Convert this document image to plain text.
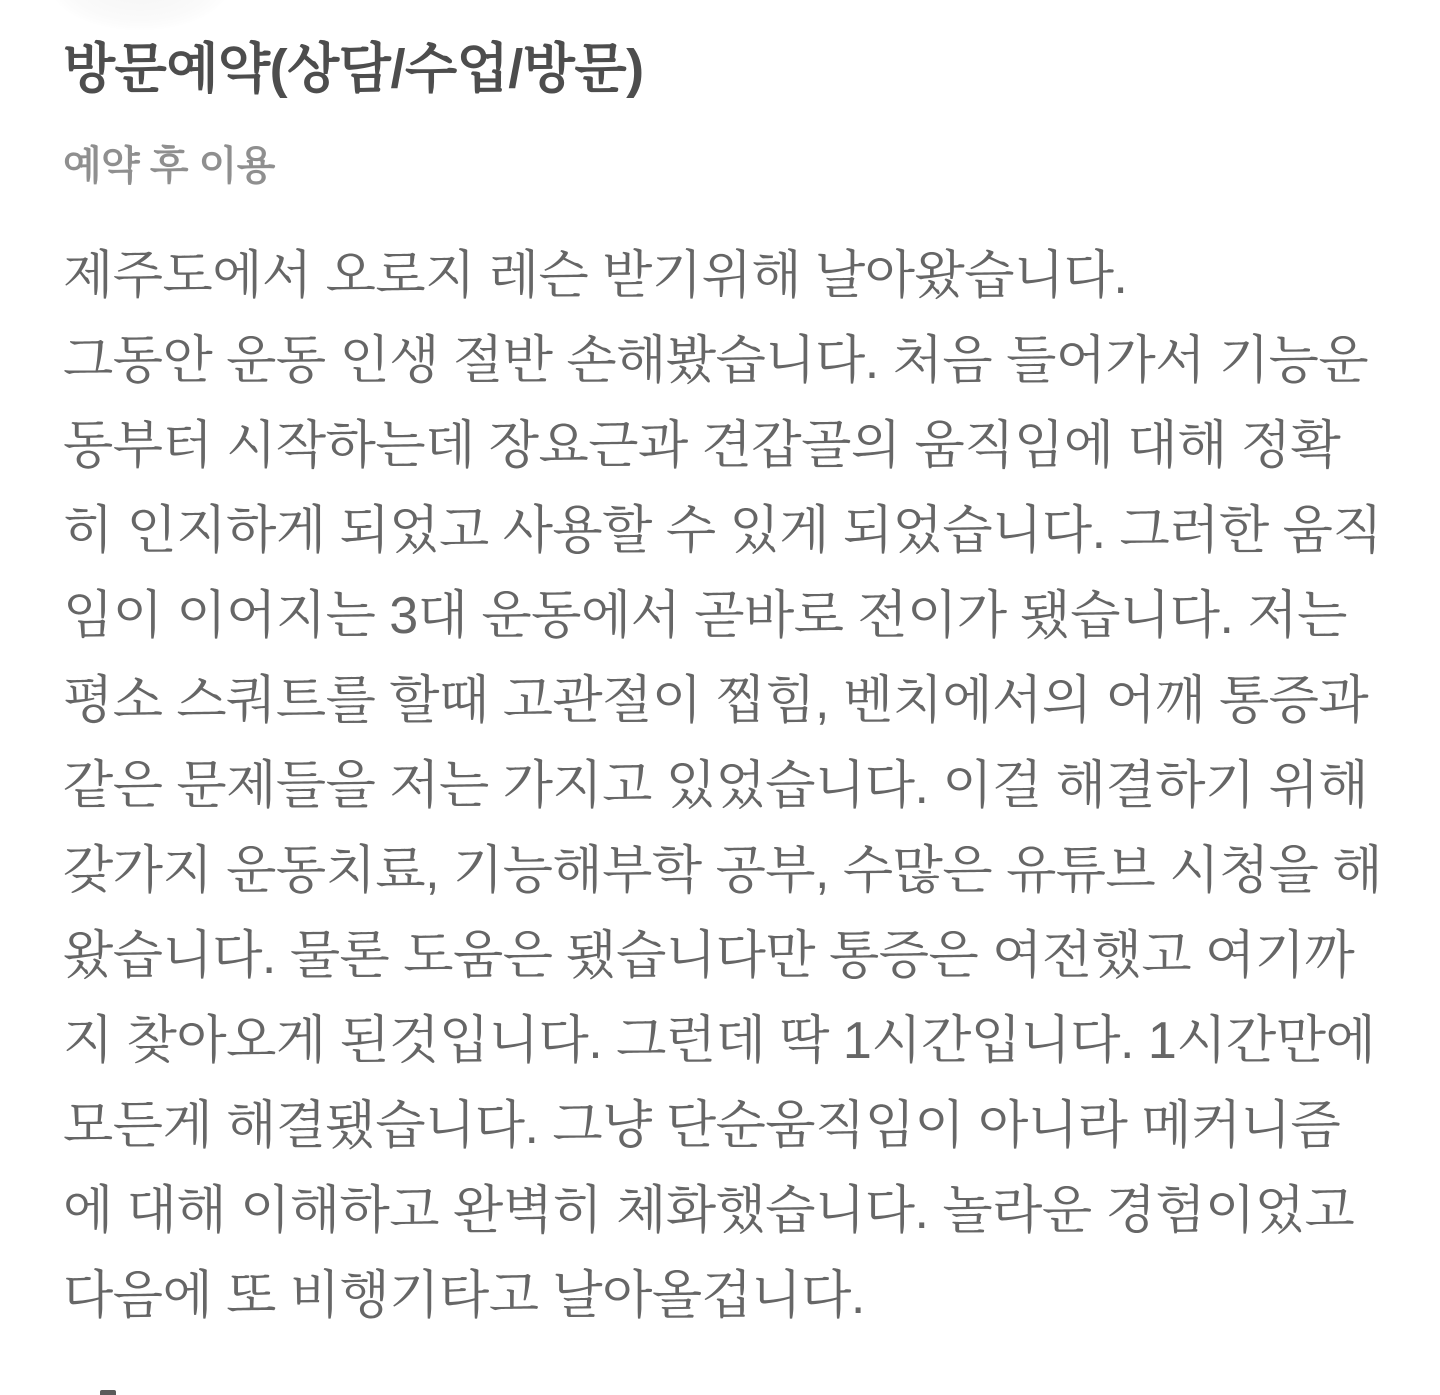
방문예약(상담/수업/방문)
예약 후 이용

제주도에서 오로지 레슨 받기위해 날아왔습니다.

그동안 운동 인생 절반 손해봤습니다. 처음 들어가서 기능운동부터 시작하는데 장요근과 견갑골의 움직임에 대해 정확히 인지하게 되었고 사용할 수 있게 되었습니다. 그러한 움직임이 이어지는 3대 운동에서 곧바로 전이가 됐습니다. 저는 평소 스쿼트를 할때 고관절이 찝힘, 벤치에서의 어깨 통증과 같은 문제들을 저는 가지고 있었습니다. 이걸 해결하기 위해 갖가지 운동치료, 기능해부학 공부, 수많은 유튜브 시청을 해왔습니다. 물론 도움은 됐습니다만 통증은 여전했고 여기까지 찾아오게 된것입니다. 그런데 딱 1시간입니다. 1시간만에 모든게 해결됐습니다. 그냥 단순움직임이 아니라 메커니즘에 대해 이해하고 완벽히 체화했습니다. 놀라운 경험이었고 다음에 또 비행기타고 날아올겁니다.
